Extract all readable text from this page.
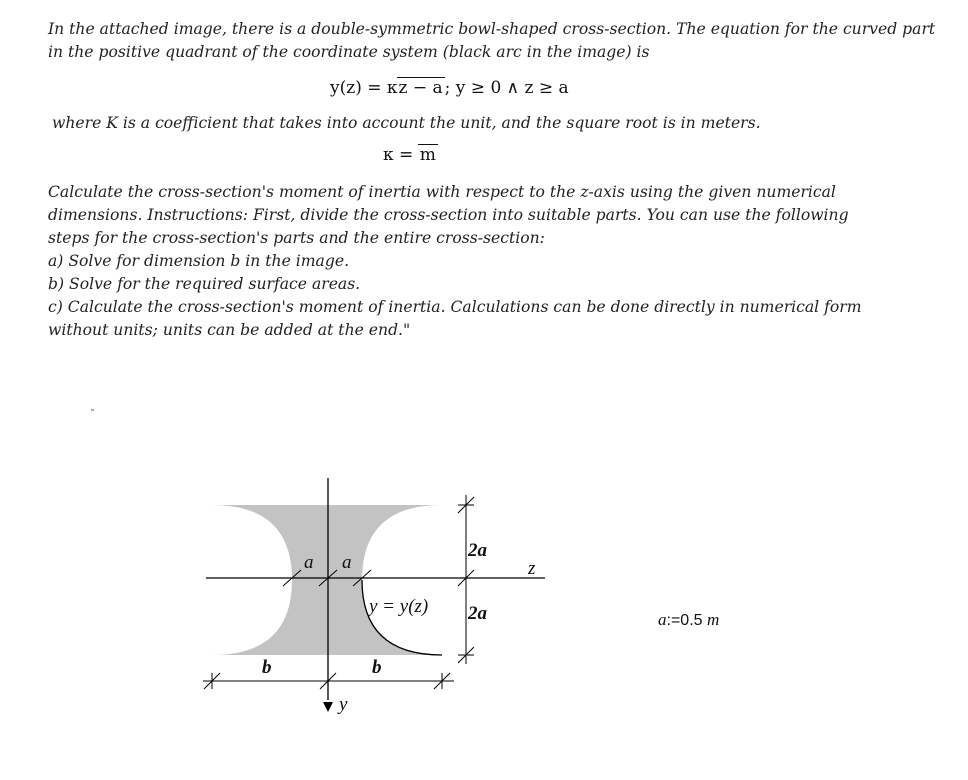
In the attached image, there is a double-symmetric bowl-shaped cross-section. The equation for the curved part in the positive quadrant of the coordinate system (black arc in the image) is
y(z) = κz − a ; y ≥ 0 ∧ z ≥ a
where K is a coefficient that takes into account the unit, and the square root is in meters.
κ = m
Calculate the cross-section's moment of inertia with respect to the z-axis using the given numerical
dimensions. Instructions: First, divide the cross-section into suitable parts. You can use the following
steps for the cross-section's parts and the entire cross-section:
a) Solve for dimension b in the image.
b) Solve for the required surface areas.
c) Calculate the cross-section's moment of inertia. Calculations can be done directly in numerical form
without units; units can be added at the end."
a a
2a
2a
z
y = y(z)
b	b
y
a:=0.5 m
